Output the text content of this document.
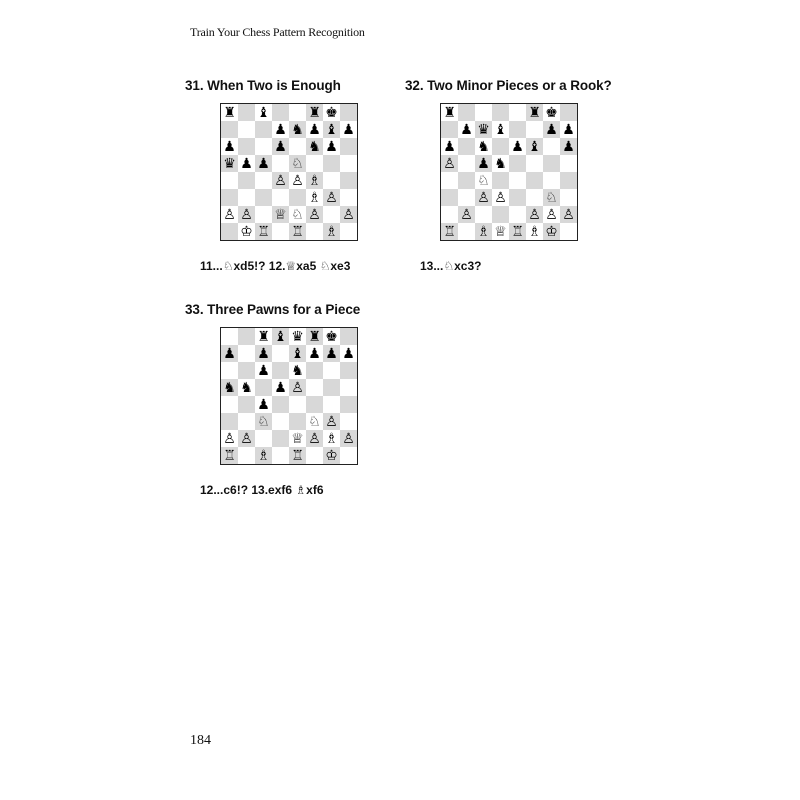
Train Your Chess Pattern Recognition
31. When Two is Enough
♜ ♝	♜ ♚
♟ ♞ ♟ ♝ ♟
♟	♟ ♞ ♟
♛ ♟ ♟ ♘
♙ ♙ ♗
♗ ♙
♙ ♙ ♕ ♘ ♙ ♙
♔ ♖ ♖ ♗
11...♘xd5!? 12.♕xa5 ♘xe3
32. Two Minor Pieces or a Rook?
♜	♜ ♚
♟ ♛ ♝	♟ ♟
♟ ♞ ♟ ♝ ♟
♙ ♟ ♞
♘
♙ ♙	♘
♙	♙ ♙ ♙
♖ ♗ ♕ ♖ ♗ ♔
13...♘xc3?
33. Three Pawns for a Piece
♜ ♝ ♛ ♜ ♚
♟ ♟ ♝ ♟ ♟ ♟
♟ ♞
♞ ♞ ♟ ♙
♟
♘	♘ ♙
♙ ♙	♕ ♙ ♗ ♙
♖ ♗ ♖ ♔
12...c6!? 13.exf6 ♗xf6
184
